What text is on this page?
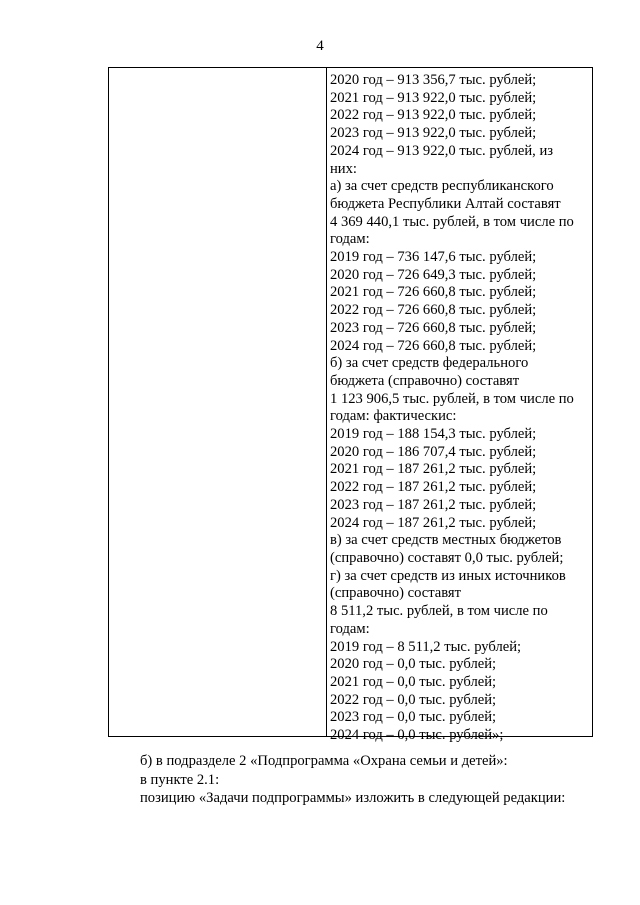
4
2020 год – 913 356,7 тыс. рублей;
2021 год – 913 922,0 тыс. рублей;
2022 год – 913 922,0 тыс. рублей;
2023 год – 913 922,0 тыс. рублей;
2024 год – 913 922,0 тыс. рублей, из
них:
а) за счет средств республиканского
бюджета Республики Алтай составят
4 369 440,1 тыс. рублей, в том числе по
годам:
2019 год – 736 147,6 тыс. рублей;
2020 год – 726 649,3 тыс. рублей;
2021 год – 726 660,8 тыс. рублей;
2022 год – 726 660,8 тыс. рублей;
2023 год – 726 660,8 тыс. рублей;
2024 год – 726 660,8 тыс. рублей;
б) за счет средств федерального
бюджета (справочно) составят
1 123 906,5 тыс. рублей, в том числе по
годам: фактическис:
2019 год – 188 154,3 тыс. рублей;
2020 год – 186 707,4 тыс. рублей;
2021 год – 187 261,2 тыс. рублей;
2022 год – 187 261,2 тыс. рублей;
2023 год – 187 261,2 тыс. рублей;
2024 год – 187 261,2 тыс. рублей;
в) за счет средств местных бюджетов
(справочно) составят 0,0 тыс. рублей;
г) за счет средств из иных источников
(справочно) составят
8 511,2 тыс. рублей, в том числе по
годам:
2019 год – 8 511,2 тыс. рублей;
2020 год – 0,0 тыс. рублей;
2021 год – 0,0 тыс. рублей;
2022 год – 0,0 тыс. рублей;
2023 год – 0,0 тыс. рублей;
2024 год – 0,0 тыс. рублей»;
б) в подразделе 2 «Подпрограмма «Охрана семьи и детей»:
в пункте 2.1:
позицию «Задачи подпрограммы» изложить в следующей редакции:
